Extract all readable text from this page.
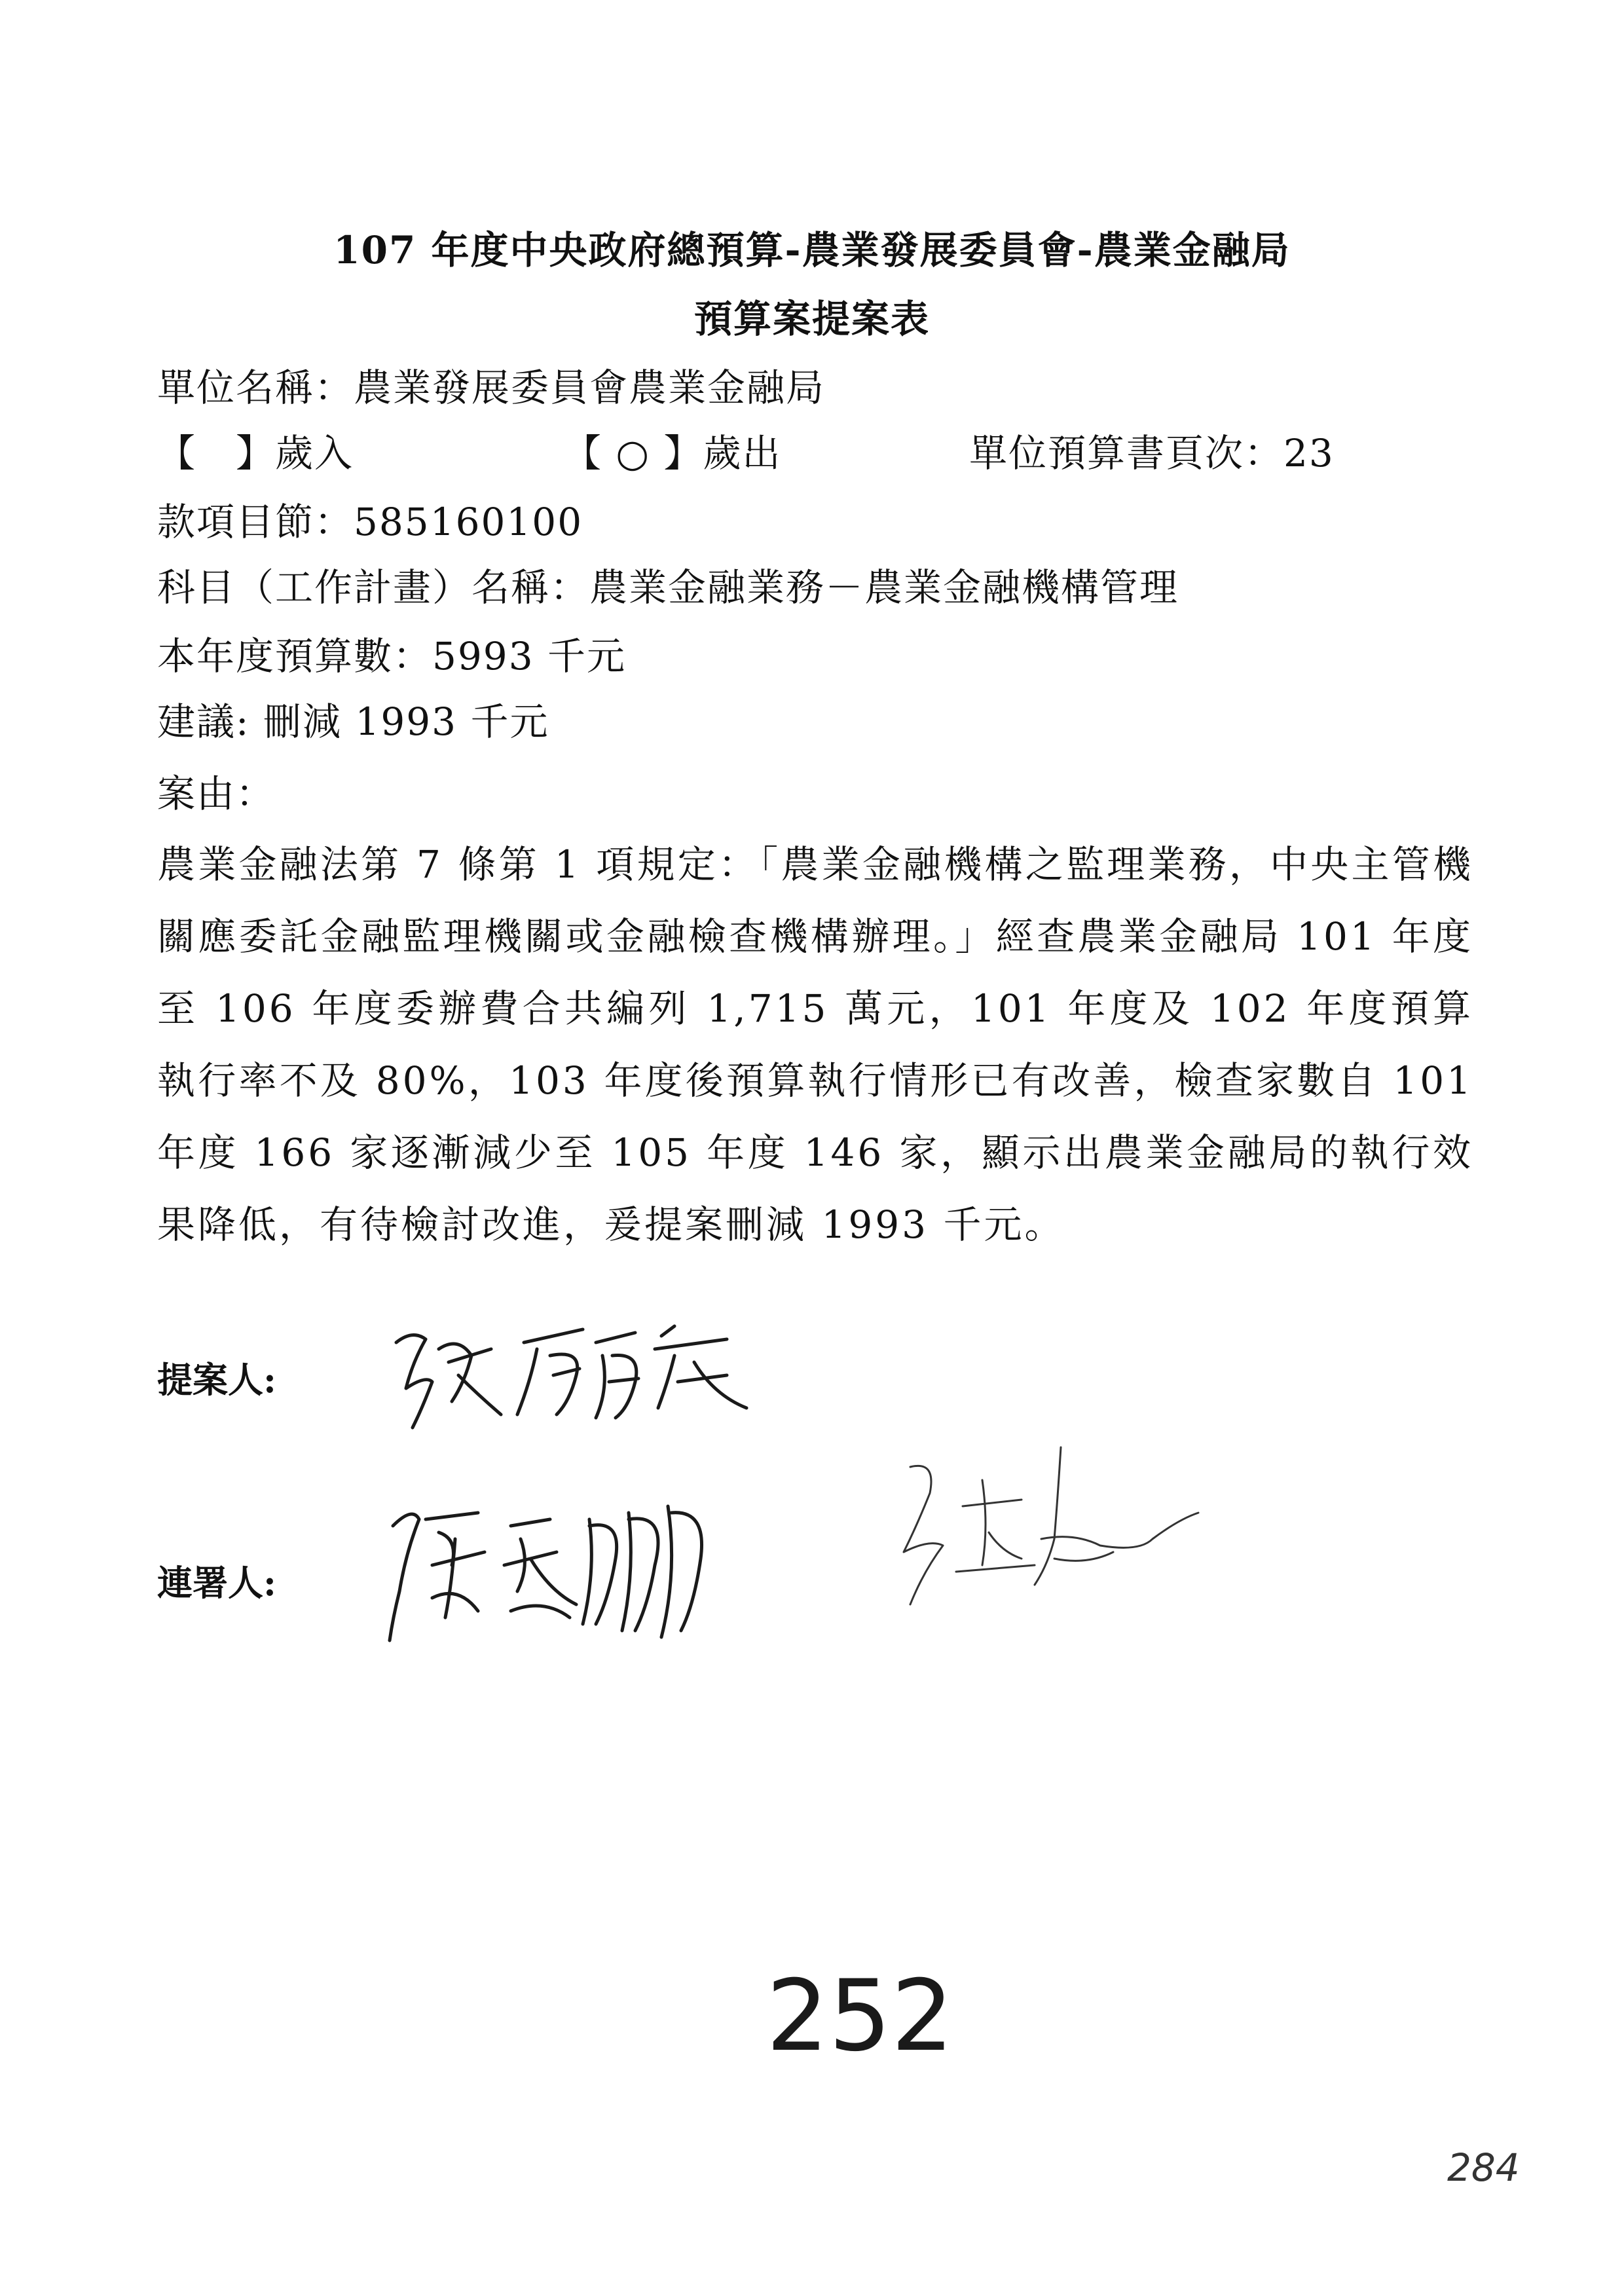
107 年度中央政府總預算-農業發展委員會-農業金融局
預算案提案表
單位名稱：農業發展委員會農業金融局
【　】歲入	【 ○ 】歲出	單位預算書頁次：23
款項目節：585160100
科目（工作計畫）名稱：農業金融業務－農業金融機構管理
本年度預算數：5993 千元
建議: 刪減 1993 千元
案由：
農業金融法第 7 條第 1 項規定：「農業金融機構之監理業務，中央主管機關應委託金融監理機關或金融檢查機構辦理。」經查農業金融局 101 年度至 106 年度委辦費合共編列 1,715 萬元，101 年度及 102 年度預算執行率不及 80%，103 年度後預算執行情形已有改善，檢查家數自 101 年度 166 家逐漸減少至 105 年度 146 家，顯示出農業金融局的執行效果降低，有待檢討改進，爰提案刪減 1993 千元。
提案人:
連署人:
252
284
